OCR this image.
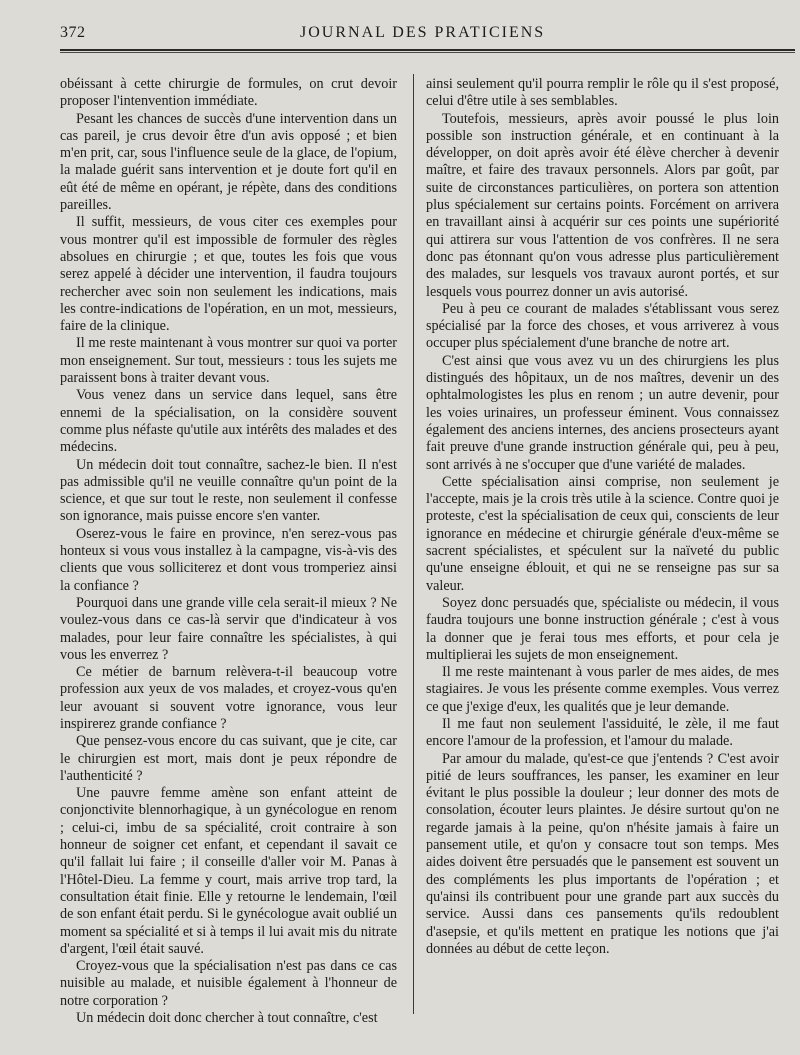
372	JOURNAL DES PRATICIENS

obéissant à cette chirurgie de formules, on crut devoir proposer l'intenvention immédiate.

Pesant les chances de succès d'une intervention dans un cas pareil, je crus devoir être d'un avis opposé ; et bien m'en prit, car, sous l'influence seule de la glace, de l'opium, la malade guérit sans intervention et je doute fort qu'il en eût été de même en opérant, je répète, dans des conditions pareilles.

Il suffit, messieurs, de vous citer ces exemples pour vous montrer qu'il est impossible de formuler des règles absolues en chirurgie ; et que, toutes les fois que vous serez appelé à décider une intervention, il faudra toujours rechercher avec soin non seulement les indications, mais les contre-indications de l'opération, en un mot, messieurs, faire de la clinique.

Il me reste maintenant à vous montrer sur quoi va porter mon enseignement. Sur tout, messieurs : tous les sujets me paraissent bons à traiter devant vous.

Vous venez dans un service dans lequel, sans être ennemi de la spécialisation, on la considère souvent comme plus néfaste qu'utile aux intérêts des malades et des médecins.

Un médecin doit tout connaître, sachez-le bien. Il n'est pas admissible qu'il ne veuille connaître qu'un point de la science, et que sur tout le reste, non seulement il confesse son ignorance, mais puisse encore s'en vanter.

Oserez-vous le faire en province, n'en serez-vous pas honteux si vous vous installez à la campagne, vis-à-vis des clients que vous solliciterez et dont vous tromperiez ainsi la confiance ?

Pourquoi dans une grande ville cela serait-il mieux ? Ne voulez-vous dans ce cas-là servir que d'indicateur à vos malades, pour leur faire connaître les spécialistes, à qui vous les enverrez ?

Ce métier de barnum relèvera-t-il beaucoup votre profession aux yeux de vos malades, et croyez-vous qu'en leur avouant si souvent votre ignorance, vous leur inspirerez grande confiance ?

Que pensez-vous encore du cas suivant, que je cite, car le chirurgien est mort, mais dont je peux répondre de l'authenticité ?

Une pauvre femme amène son enfant atteint de conjonctivite blennorhagique, à un gynécologue en renom ; celui-ci, imbu de sa spécialité, croit contraire à son honneur de soigner cet enfant, et cependant il savait ce qu'il fallait lui faire ; il conseille d'aller voir M. Panas à l'Hôtel-Dieu. La femme y court, mais arrive trop tard, la consultation était finie. Elle y retourne le lendemain, l'œil de son enfant était perdu. Si le gynécologue avait oublié un moment sa spécialité et si à temps il lui avait mis du nitrate d'argent, l'œil était sauvé.

Croyez-vous que la spécialisation n'est pas dans ce cas nuisible au malade, et nuisible également à l'honneur de notre corporation ?

Un médecin doit donc chercher à tout connaître, c'est

ainsi seulement qu'il pourra remplir le rôle qu il s'est proposé, celui d'être utile à ses semblables.

Toutefois, messieurs, après avoir poussé le plus loin possible son instruction générale, et en continuant à la développer, on doit après avoir été élève chercher à devenir maître, et faire des travaux personnels. Alors par goût, par suite de circonstances particulières, on portera son attention plus spécialement sur certains points. Forcément on arrivera en travaillant ainsi à acquérir sur ces points une supériorité qui attirera sur vous l'attention de vos confrères. Il ne sera donc pas étonnant qu'on vous adresse plus particulièrement des malades, sur lesquels vos travaux auront portés, et sur lesquels vous pourrez donner un avis autorisé.

Peu à peu ce courant de malades s'établissant vous serez spécialisé par la force des choses, et vous arriverez à vous occuper plus spécialement d'une branche de notre art.

C'est ainsi que vous avez vu un des chirurgiens les plus distingués des hôpitaux, un de nos maîtres, devenir un des ophtalmologistes les plus en renom ; un autre devenir, pour les voies urinaires, un professeur éminent. Vous connaissez également des anciens internes, des anciens prosecteurs ayant fait preuve d'une grande instruction générale qui, peu à peu, sont arrivés à ne s'occuper que d'une variété de malades.

Cette spécialisation ainsi comprise, non seulement je l'accepte, mais je la crois très utile à la science. Contre quoi je proteste, c'est la spécialisation de ceux qui, conscients de leur ignorance en médecine et chirurgie générale d'eux-même se sacrent spécialistes, et spéculent sur la naïveté du public qu'une enseigne éblouit, et qui ne se renseigne pas sur sa valeur.

Soyez donc persuadés que, spécialiste ou médecin, il vous faudra toujours une bonne instruction générale ; c'est à vous la donner que je ferai tous mes efforts, et pour cela je multiplierai les sujets de mon enseignement.

Il me reste maintenant à vous parler de mes aides, de mes stagiaires. Je vous les présente comme exemples. Vous verrez ce que j'exige d'eux, les qualités que je leur demande.

Il me faut non seulement l'assiduité, le zèle, il me faut encore l'amour de la profession, et l'amour du malade.

Par amour du malade, qu'est-ce que j'entends ? C'est avoir pitié de leurs souffrances, les panser, les examiner en leur évitant le plus possible la douleur ; leur donner des mots de consolation, écouter leurs plaintes. Je désire surtout qu'on ne regarde jamais à la peine, qu'on n'hésite jamais à faire un pansement utile, et qu'on y consacre tout son temps. Mes aides doivent être persuadés que le pansement est souvent un des compléments les plus importants de l'opération ; et qu'ainsi ils contribuent pour une grande part aux succès du service. Aussi dans ces pansements qu'ils redoublent d'asepsie, et qu'ils mettent en pratique les notions que j'ai données au début de cette leçon.
